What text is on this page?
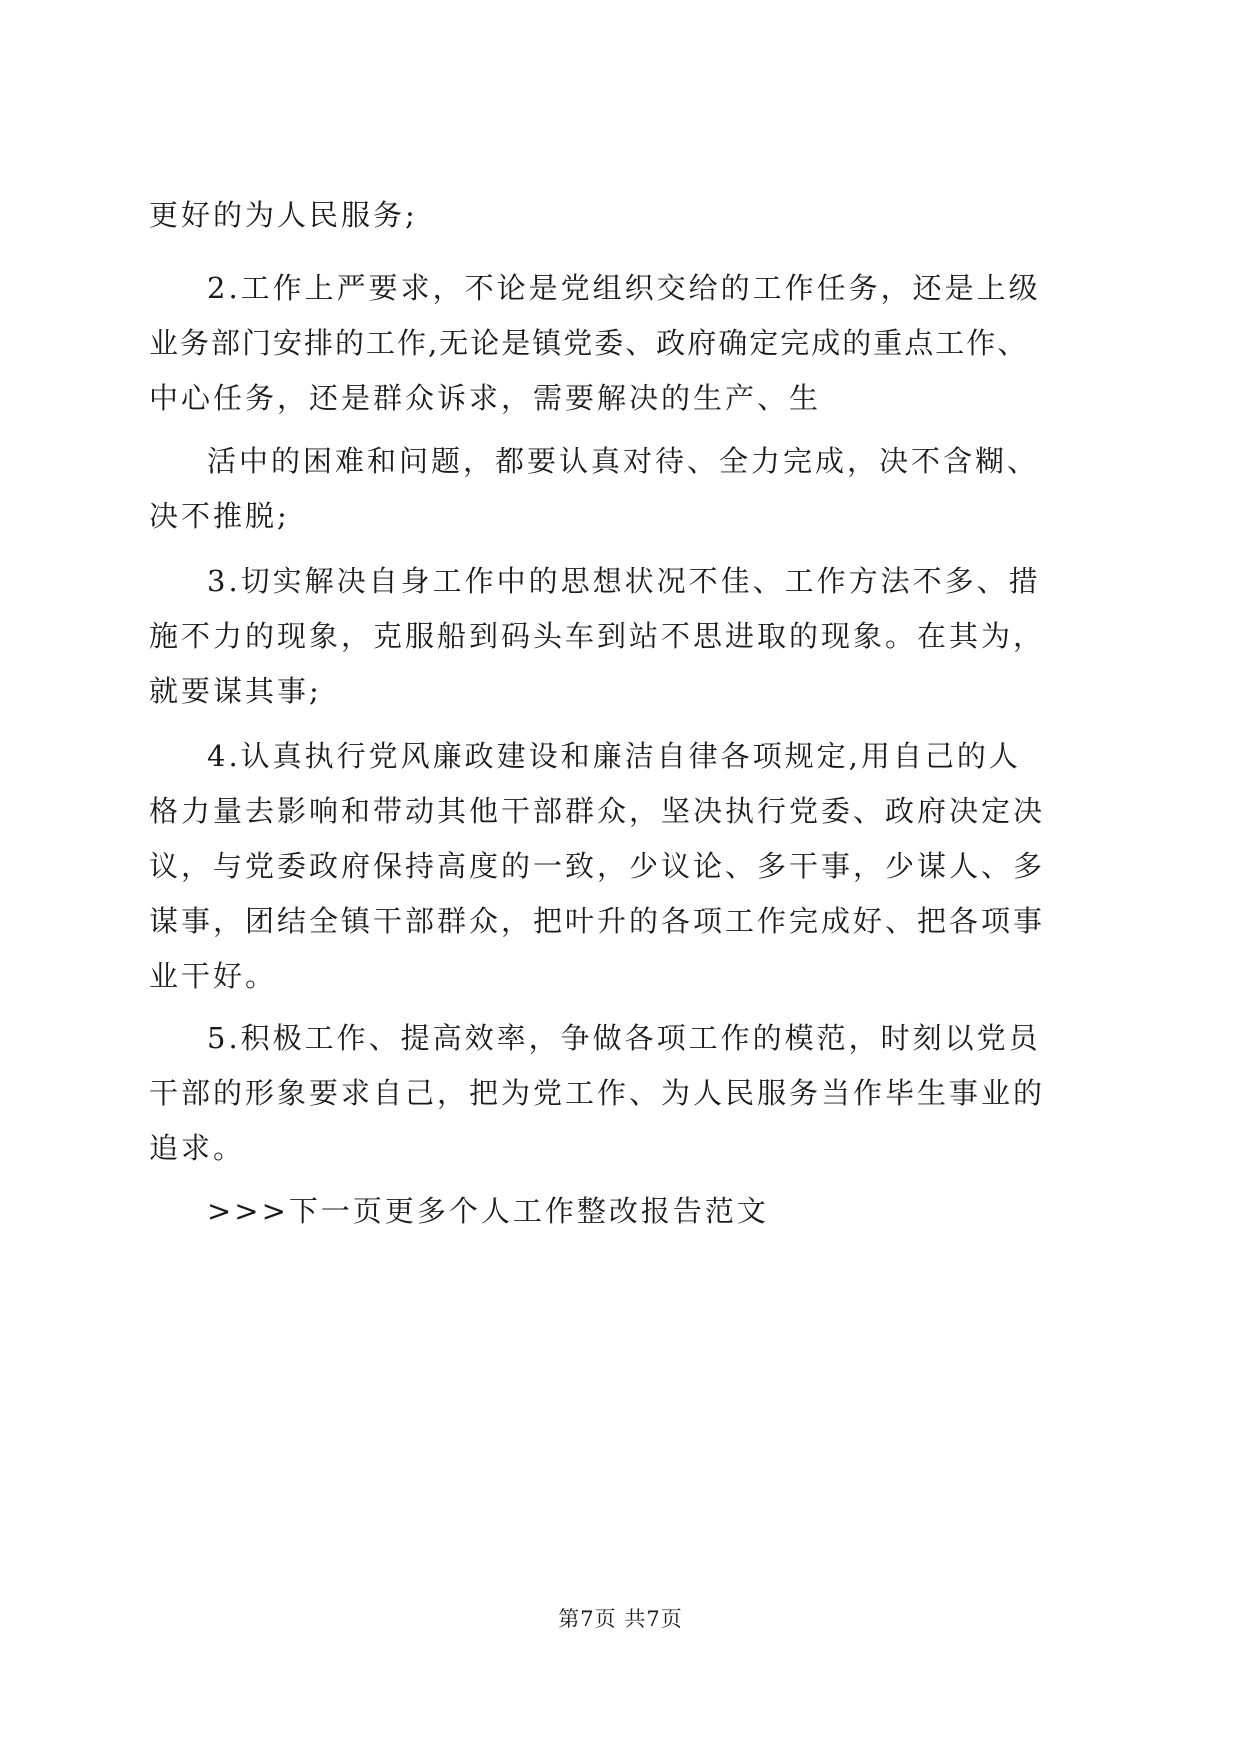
更好的为人民服务;
2.工作上严要求，不论是党组织交给的工作任务，还是上级
业务部门安排的工作,无论是镇党委、政府确定完成的重点工作、
中心任务，还是群众诉求，需要解决的生产、生
活中的困难和问题，都要认真对待、全力完成，决不含糊、
决不推脱;
3.切实解决自身工作中的思想状况不佳、工作方法不多、措
施不力的现象，克服船到码头车到站不思进取的现象。在其为，
就要谋其事;
4.认真执行党风廉政建设和廉洁自律各项规定,用自己的人
格力量去影响和带动其他干部群众，坚决执行党委、政府决定决
议，与党委政府保持高度的一致，少议论、多干事，少谋人、多
谋事，团结全镇干部群众，把叶升的各项工作完成好、把各项事
业干好。
5.积极工作、提高效率，争做各项工作的模范，时刻以党员
干部的形象要求自己，把为党工作、为人民服务当作毕生事业的
追求。
>>>下一页更多个人工作整改报告范文
第7页 共7页
